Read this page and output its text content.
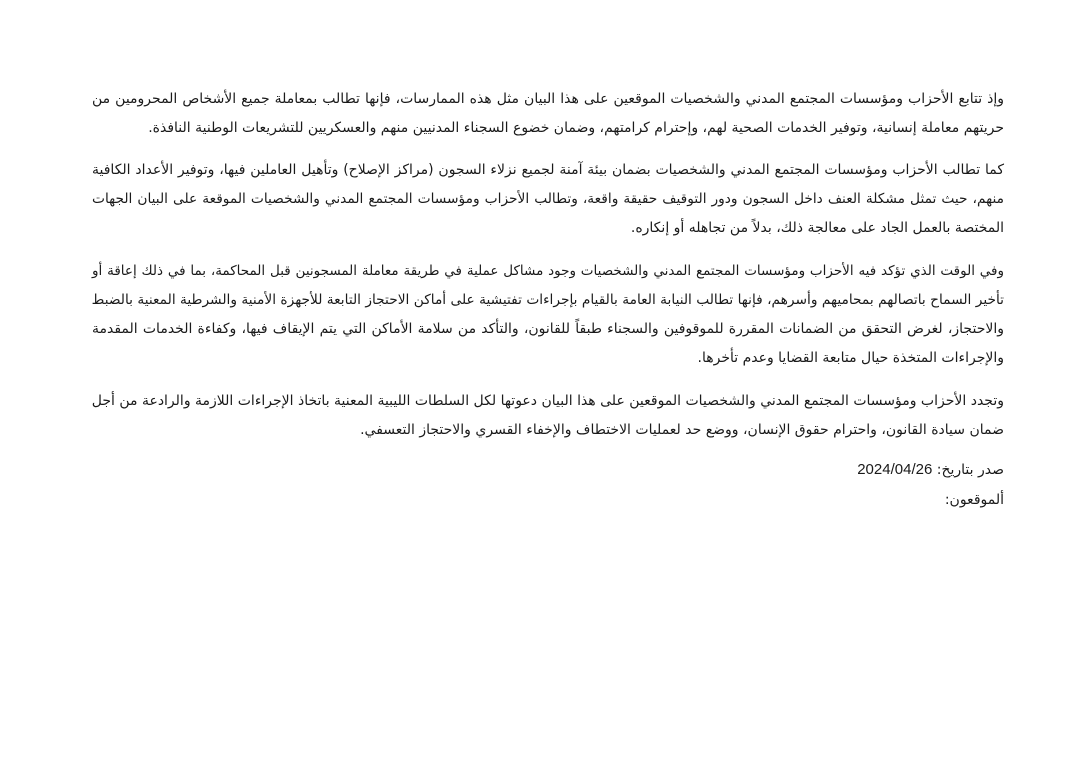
وإذ تتابع الأحزاب ومؤسسات المجتمع المدني والشخصيات الموقعين على هذا البيان مثل هذه الممارسات، فإنها تطالب بمعاملة جميع الأشخاص المحرومين من
حريتهم معاملة إنسانية، وتوفير الخدمات الصحية لهم، وإحترام كرامتهم، وضمان خضوع السجناء المدنيين منهم والعسكريين للتشريعات الوطنية النافذة.

كما تطالب الأحزاب ومؤسسات المجتمع المدني والشخصيات بضمان بيئة آمنة لجميع نزلاء السجون (مراكز الإصلاح) وتأهيل العاملين فيها، وتوفير الأعداد الكافية
منهم، حيث تمثل مشكلة العنف داخل السجون ودور التوقيف حقيقة واقعة، وتطالب الأحزاب ومؤسسات المجتمع المدني والشخصيات الموقعة على البيان الجهات
المختصة بالعمل الجاد على معالجة ذلك، بدلاً من تجاهله أو إنكاره.

وفي الوقت الذي تؤكد فيه الأحزاب ومؤسسات المجتمع المدني والشخصيات وجود مشاكل عملية في طريقة معاملة المسجونين قبل المحاكمة، بما في ذلك إعاقة أو
تأخير السماح باتصالهم بمحاميهم وأسرهم، فإنها تطالب النيابة العامة بالقيام بإجراءات تفتيشية على أماكن الاحتجاز التابعة للأجهزة الأمنية والشرطية المعنية بالضبط
والاحتجاز، لغرض التحقق من الضمانات المقررة للموقوفين والسجناء طبقاً للقانون، والتأكد من سلامة الأماكن التي يتم الإيقاف فيها، وكفاءة الخدمات المقدمة
والإجراءات المتخذة حيال متابعة القضايا وعدم تأخرها.

وتجدد الأحزاب ومؤسسات المجتمع المدني والشخصيات الموقعين على هذا البيان دعوتها لكل السلطات الليبية المعنية باتخاذ الإجراءات اللازمة والرادعة من أجل
ضمان سيادة القانون، واحترام حقوق الإنسان، ووضع حد لعمليات الاختطاف والإخفاء القسري والاحتجاز التعسفي.

صدر بتاريخ: 2024/04/26

ألموقعون:
